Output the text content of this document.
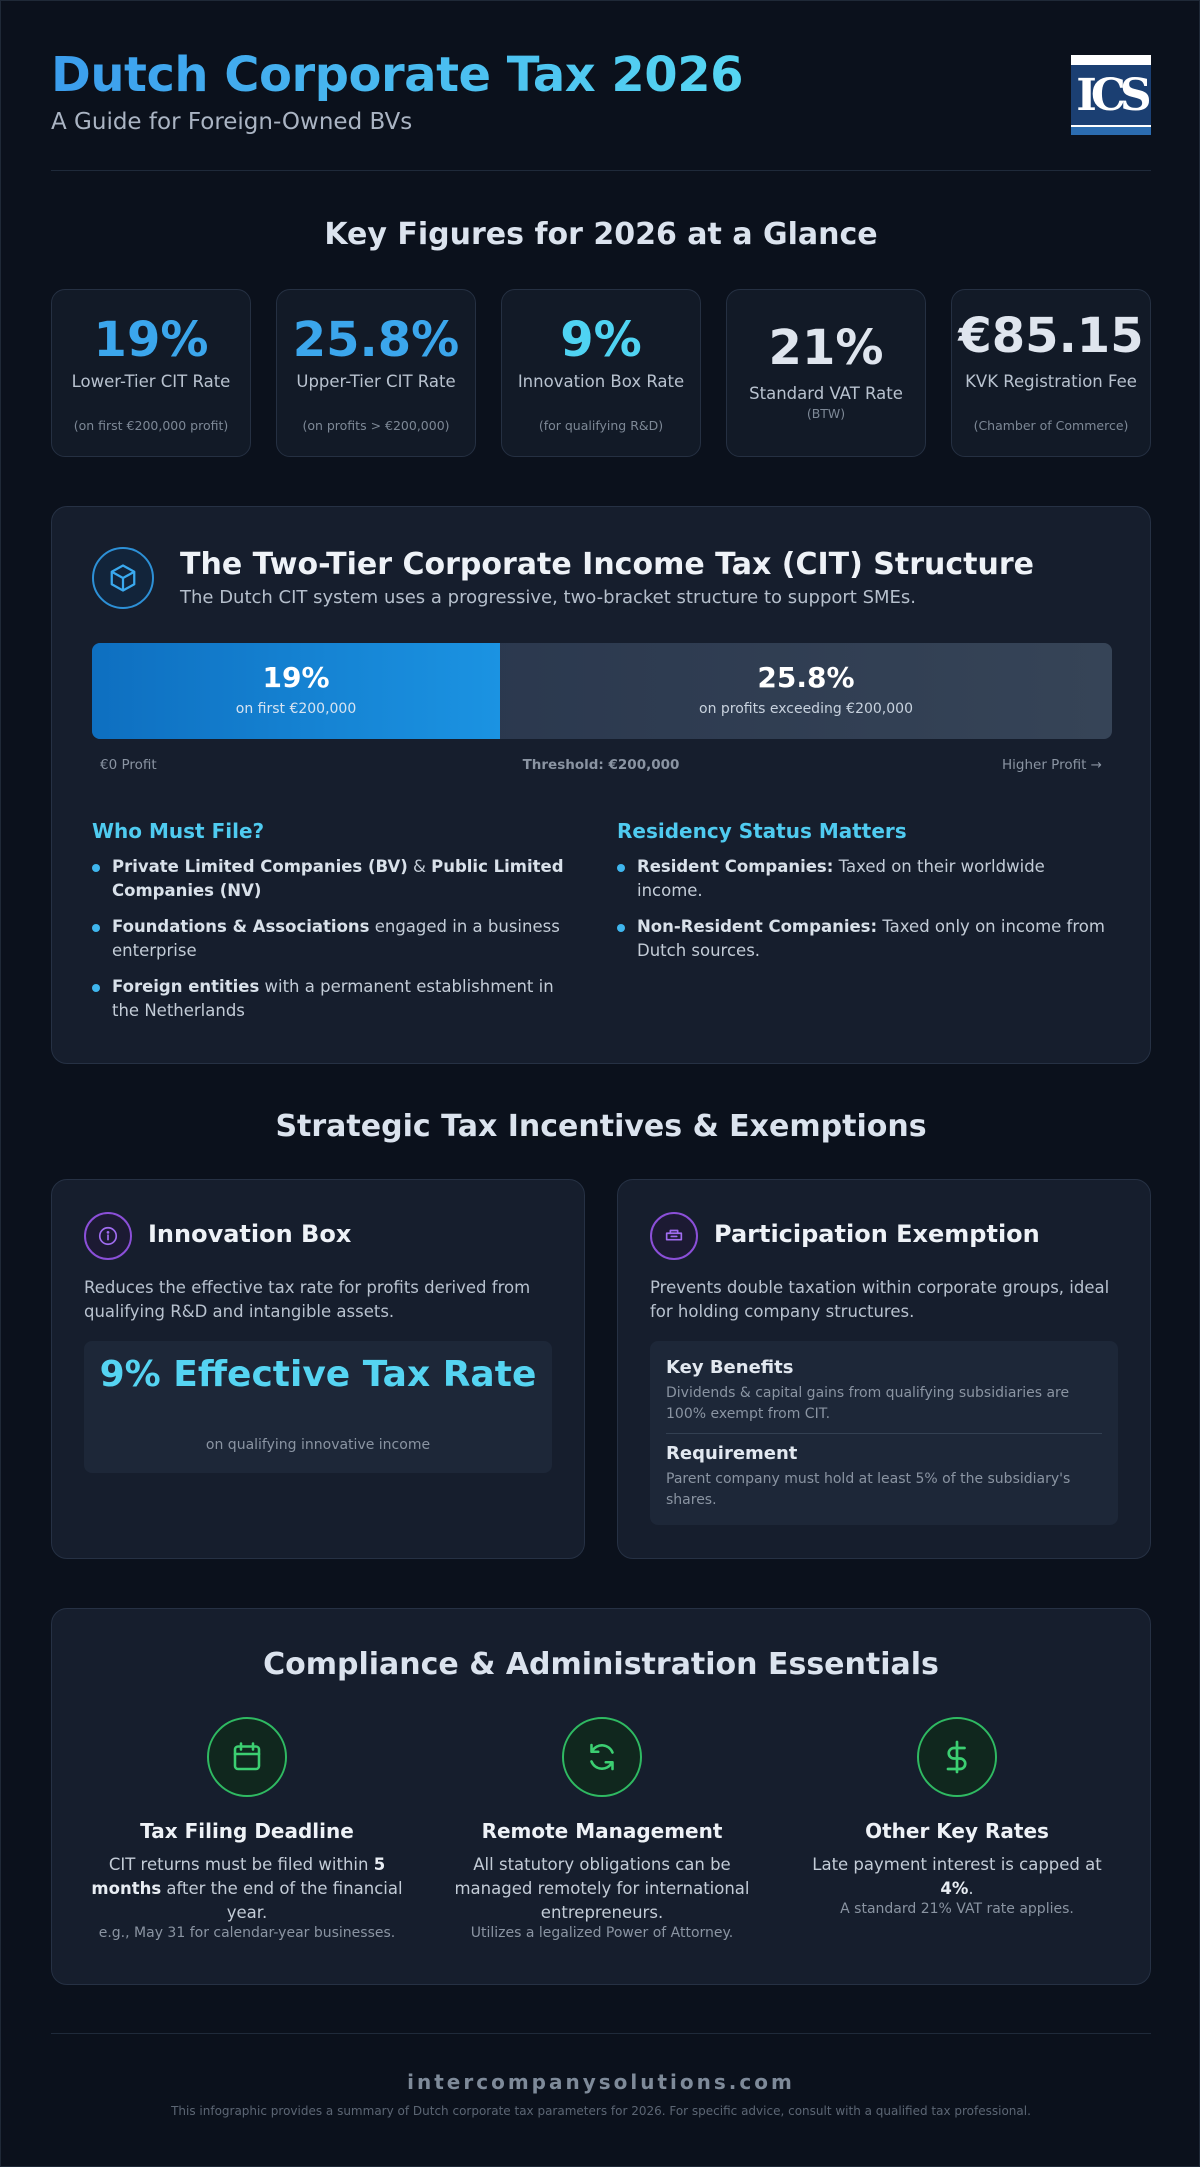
Dutch Corporate Tax 2026
A Guide for Foreign-Owned BVs
ICS
Key Figures for 2026 at a Glance
19%
Lower-Tier CIT Rate
(on first €200,000 profit)
25.8%
Upper-Tier CIT Rate
(on profits > €200,000)
9%
Innovation Box Rate
(for qualifying R&D)
21%
Standard VAT Rate
(BTW)
€85.15
KVK Registration Fee
(Chamber of Commerce)
The Two-Tier Corporate Income Tax (CIT) Structure
The Dutch CIT system uses a progressive, two-bracket structure to support SMEs.
19%
on first €200,000
25.8%
on profits exceeding €200,000
€0 Profit	Threshold: €200,000	Higher Profit →
Who Must File?
Private Limited Companies (BV) & Public Limited Companies (NV)
Foundations & Associations engaged in a business enterprise
Foreign entities with a permanent establishment in the Netherlands
Residency Status Matters
Resident Companies: Taxed on their worldwide income.
Non-Resident Companies: Taxed only on income from Dutch sources.
Strategic Tax Incentives & Exemptions
Innovation Box
Reduces the effective tax rate for profits derived from qualifying R&D and intangible assets.
9% Effective Tax Rate
on qualifying innovative income
Participation Exemption
Prevents double taxation within corporate groups, ideal for holding company structures.
Key Benefits
Dividends & capital gains from qualifying subsidiaries are 100% exempt from CIT.
Requirement
Parent company must hold at least 5% of the subsidiary's shares.
Compliance & Administration Essentials
Tax Filing Deadline
CIT returns must be filed within 5 months after the end of the financial year.
e.g., May 31 for calendar-year businesses.
Remote Management
All statutory obligations can be managed remotely for international entrepreneurs.
Utilizes a legalized Power of Attorney.
Other Key Rates
Late payment interest is capped at 4%.
A standard 21% VAT rate applies.
intercompanysolutions.com
This infographic provides a summary of Dutch corporate tax parameters for 2026. For specific advice, consult with a qualified tax professional.
